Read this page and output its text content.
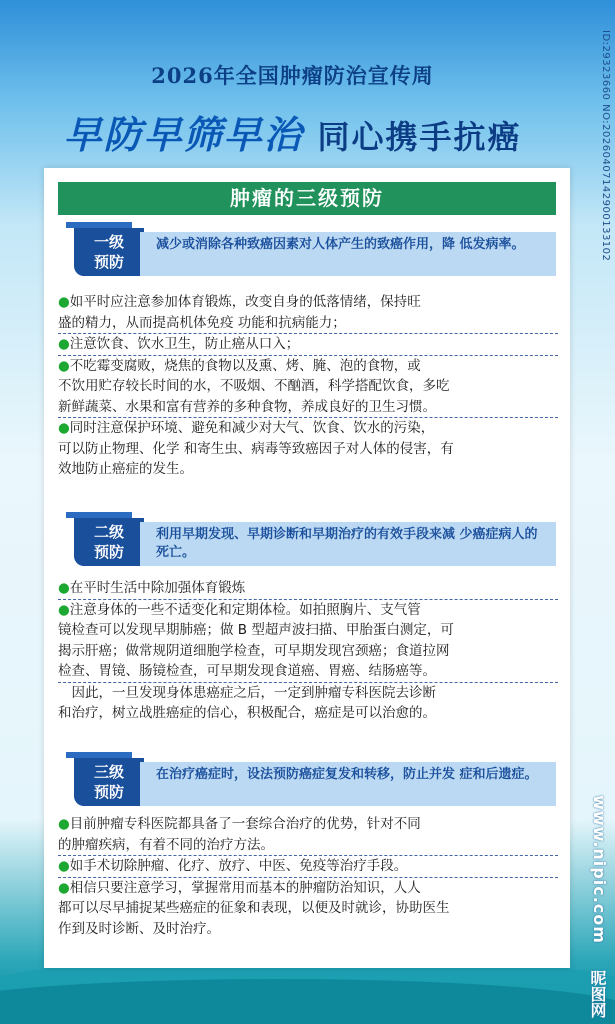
2026年全国肿瘤防治宣传周
早防早筛早治 同心携手抗癌	ID:29323660 NO:20260407142900133102
www.nipic.com
昵图网
肿瘤的三级预防
一级
预防
减少或消除各种致癌因素对人体产生的致癌作用，降 低发病率。
●如平时应注意参加体育锻炼，改变自身的低落情绪，保持旺
盛的精力，从而提高机体免疫 功能和抗病能力；
●注意饮食、饮水卫生，防止癌从口入；
●不吃霉变腐败，烧焦的食物以及熏、烤、腌、泡的食物，或
不饮用贮存较长时间的水，不吸烟、不酗酒，科学搭配饮食，多吃
新鲜蔬菜、水果和富有营养的多种食物，养成良好的卫生习惯。
●同时注意保护环境、避免和减少对大气、饮食、饮水的污染，
可以防止物理、化学 和寄生虫、病毒等致癌因子对人体的侵害，有
效地防止癌症的发生。
二级
预防
利用早期发现、早期诊断和早期治疗的有效手段来减 少癌症病人的死亡。
●在平时生活中除加强体育锻炼
●注意身体的一些不适变化和定期体检。如拍照胸片、支气管
镜检查可以发现早期肺癌；做 B 型超声波扫描、甲胎蛋白测定，可
揭示肝癌；做常规阴道细胞学检查，可早期发现宫颈癌；食道拉网
检查、胃镜、肠镜检查，可早期发现食道癌、胃癌、结肠癌等。
　因此，一旦发现身体患癌症之后，一定到肿瘤专科医院去诊断
和治疗，树立战胜癌症的信心，积极配合，癌症是可以治愈的。
三级
预防
在治疗癌症时，设法预防癌症复发和转移，防止并发 症和后遗症。
●目前肿瘤专科医院都具备了一套综合治疗的优势，针对不同
的肿瘤疾病，有着不同的治疗方法。
●如手术切除肿瘤、化疗、放疗、中医、免疫等治疗手段。
●相信只要注意学习，掌握常用而基本的肿瘤防治知识，人人
都可以尽早捕捉某些癌症的征象和表现，以便及时就诊，协助医生
作到及时诊断、及时治疗。
